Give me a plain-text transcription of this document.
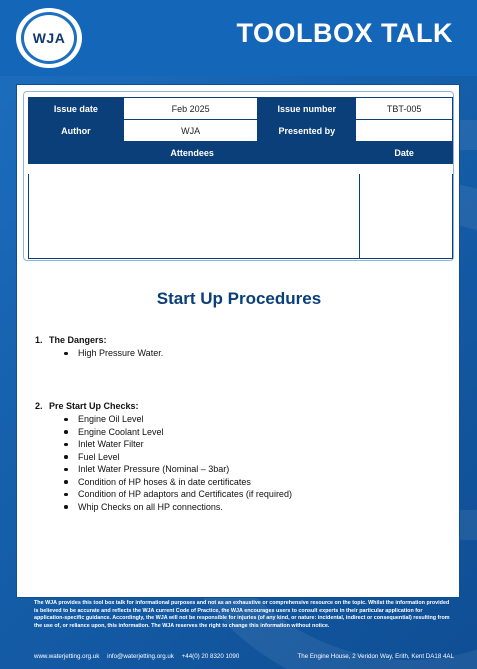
WJA	TOOLBOX TALK
Issue date	Feb 2025	Issue number	TBT-005
Author	WJA	Presented by	
Attendees			Date
Start Up Procedures
1. The Dangers:
High Pressure Water.
2. Pre Start Up Checks:
Engine Oil Level
Engine Coolant Level
Inlet Water Filter
Fuel Level
Inlet Water Pressure (Nominal – 3bar)
Condition of HP hoses & in date certificates
Condition of HP adaptors and Certificates (if required)
Whip Checks on all HP connections.
The WJA provides this tool box talk for informational purposes and not as an exhaustive or comprehensive resource on the topic. Whilst the information provided is believed to be accurate and reflects the WJA current Code of Practice, the WJA encourages users to consult experts in their particular application for application-specific guidance. Accordingly, the WJA will not be responsible for injuries (of any kind, or nature: incidental, indirect or consequential) resulting from the use of, or reliance upon, this information. The WJA reserves the right to change this information without notice.
www.waterjetting.org.uk info@waterjetting.org.uk +44(0) 20 8320 1090	The Engine House, 2 Veridon Way, Erith, Kent DA18 4AL
